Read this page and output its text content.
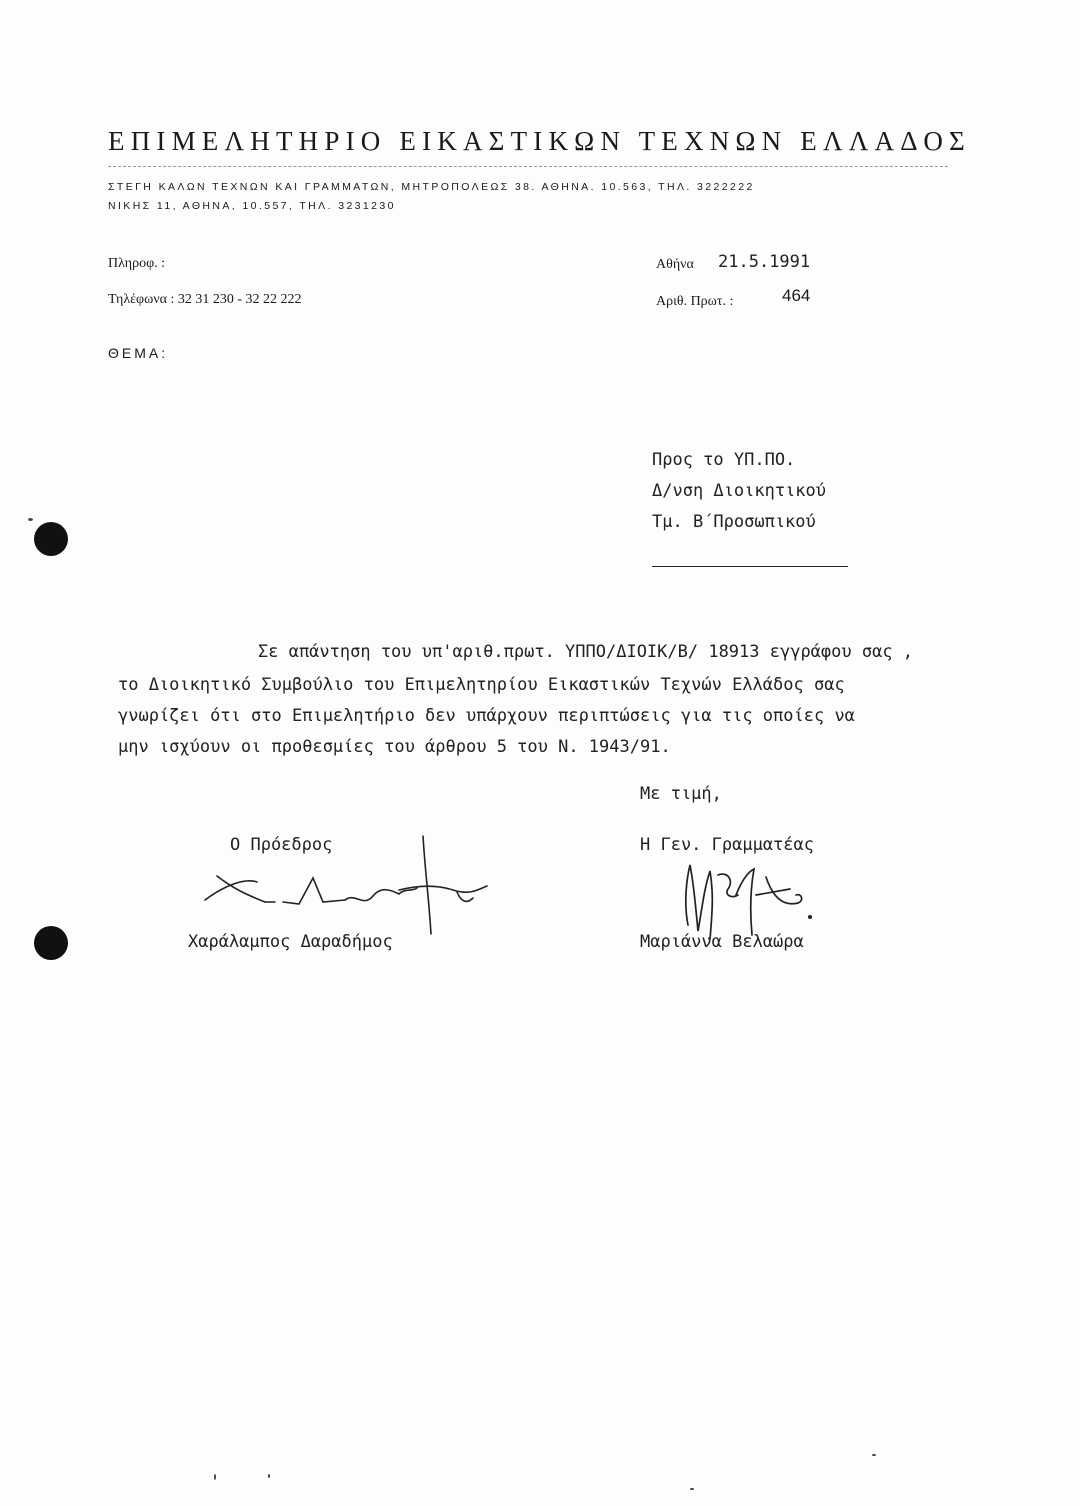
ΕΠΙΜΕΛΗΤΗΡΙΟ ΕΙΚΑΣΤΙΚΩΝ ΤΕΧΝΩΝ ΕΛΛΑΔΟΣ
ΣΤΕΓΗ ΚΑΛΩΝ ΤΕΧΝΩΝ ΚΑΙ ΓΡΑΜΜΑΤΩΝ, ΜΗΤΡΟΠΟΛΕΩΣ 38. ΑΘΗΝΑ. 10.563, ΤΗΛ. 3222222
ΝΙΚΗΣ 11, ΑΘΗΝΑ, 10.557, ΤΗΛ. 3231230
Πληροφ. :
Τηλέφωνα : 32 31 230 - 32 22 222
Αθήνα 21.5.1991
Αριθ. Πρωτ. :	464
ΘΕΜΑ:
Προς το ΥΠ.ΠΟ.
Δ/νση Διοικητικού
Τμ. Β΄Προσωπικού
Σε απάντηση του υπ'αριθ.πρωτ. ΥΠΠΟ/ΔΙΟΙΚ/Β/ 18913 εγγράφου σας ,
το Διοικητικό Συμβούλιο του Επιμελητηρίου Εικαστικών Τεχνών Ελλάδος σας
γνωρίζει ότι στο Επιμελητήριο δεν υπάρχουν περιπτώσεις για τις οποίες να
μην ισχύουν οι προθεσμίες του άρθρου 5 του Ν. 1943/91.
Με τιμή,
Ο Πρόεδρος	Η Γεν. Γραμματέας
Χαράλαμπος Δαραδήμος	Μαριάννα Βελαώρα
